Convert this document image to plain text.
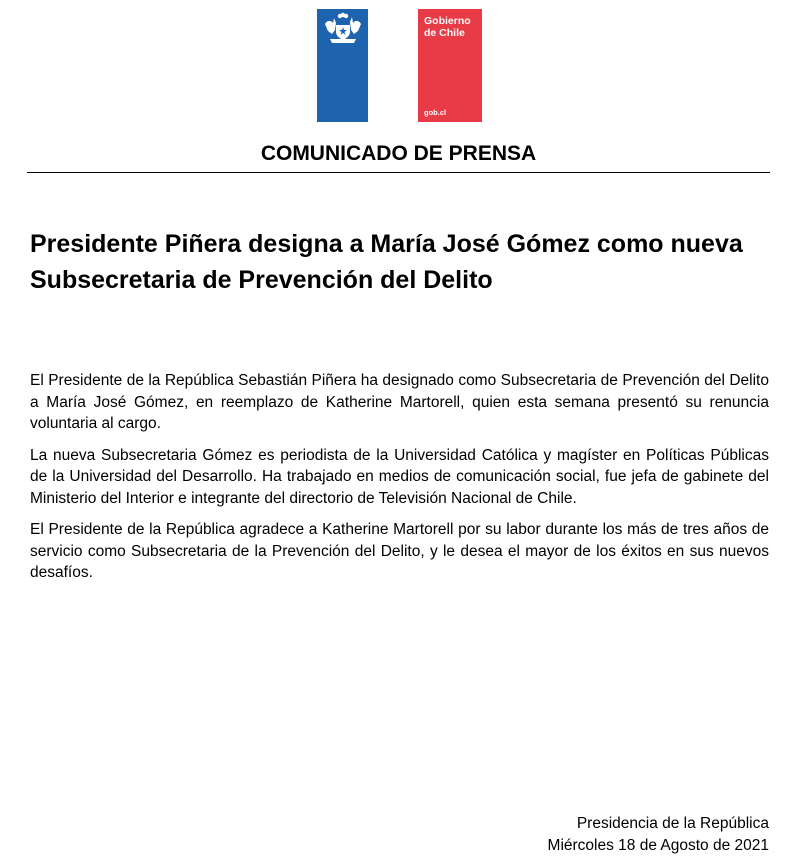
Gobierno
de Chile
gob.cl
COMUNICADO DE PRENSA
Presidente Piñera designa a María José Gómez como nueva Subsecretaria de Prevención del Delito

El Presidente de la República Sebastián Piñera ha designado como Subsecretaria de Prevención del Delito a María José Gómez, en reemplazo de Katherine Martorell, quien esta semana presentó su renuncia voluntaria al cargo.

La nueva Subsecretaria Gómez es periodista de la Universidad Católica y magíster en Políticas Públicas de la Universidad del Desarrollo. Ha trabajado en medios de comunicación social, fue jefa de gabinete del Ministerio del Interior e integrante del directorio de Televisión Nacional de Chile.

El Presidente de la República agradece a Katherine Martorell por su labor durante los más de tres años de servicio como Subsecretaria de la Prevención del Delito, y le desea el mayor de los éxitos en sus nuevos desafíos.

Presidencia de la República
Miércoles 18 de Agosto de 2021
